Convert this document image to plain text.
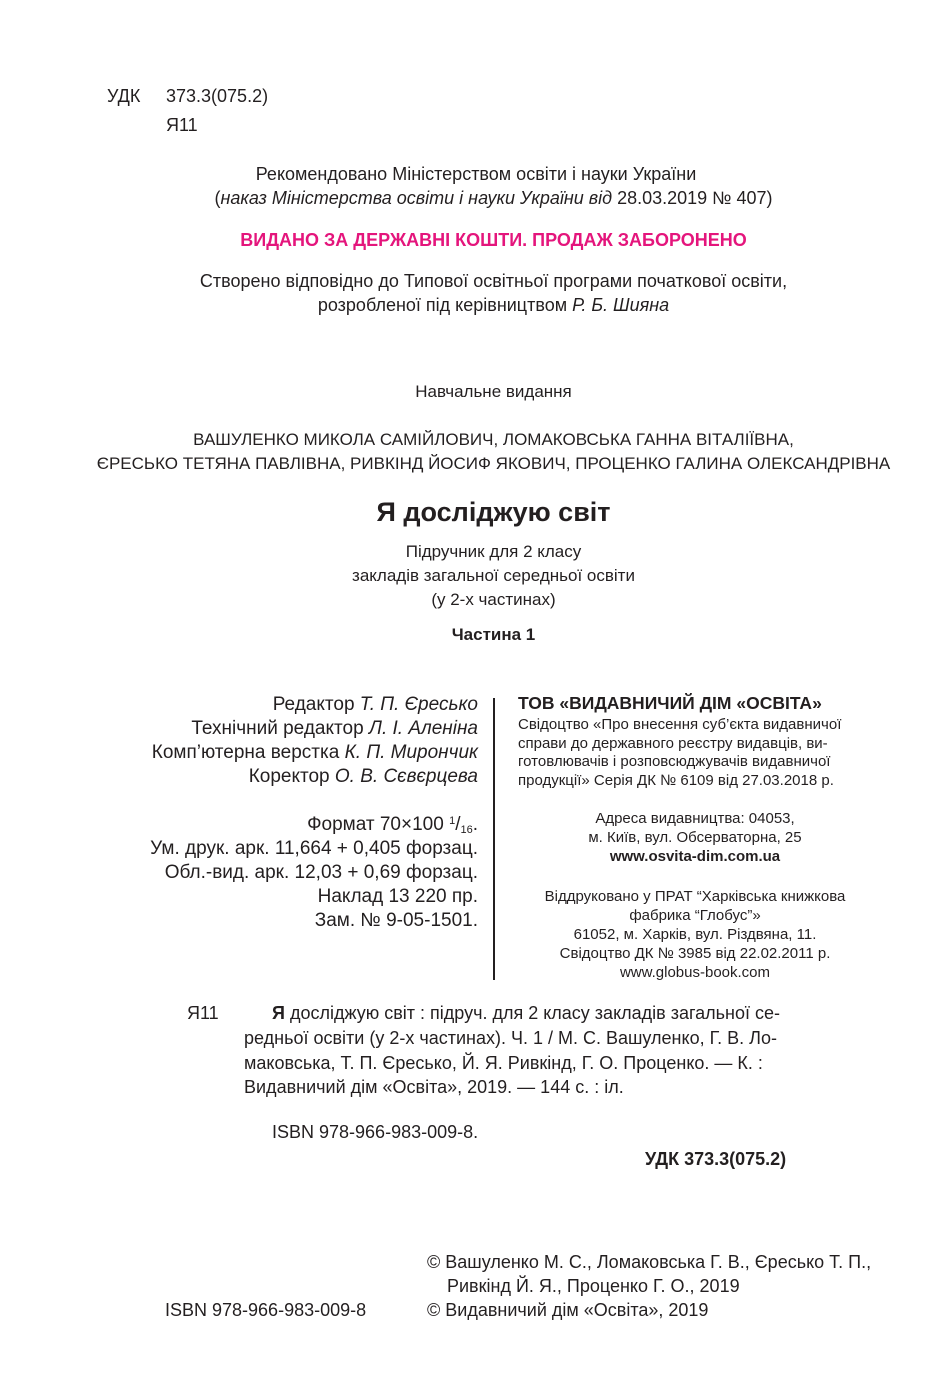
УДК 373.3(075.2)
Я11
Рекомендовано Міністерством освіти і науки України
(наказ Міністерства освіти і науки України від 28.03.2019 № 407)
ВИДАНО ЗА ДЕРЖАВНІ КОШТИ. ПРОДАЖ ЗАБОРОНЕНО
Створено відповідно до Типової освітньої програми початкової освіти,
розробленої під керівництвом Р. Б. Шияна
Навчальне видання
ВАШУЛЕНКО МИКОЛА САМІЙЛОВИЧ, ЛОМАКОВСЬКА ГАННА ВІТАЛІЇВНА,
ЄРЕСЬКО ТЕТЯНА ПАВЛІВНА, РИВКІНД ЙОСИФ ЯКОВИЧ, ПРОЦЕНКО ГАЛИНА ОЛЕКСАНДРІВНА
Я досліджую світ
Підручник для 2 класу
закладів загальної середньої освіти
(у 2-х частинах)
Частина 1
Редактор Т. П. Єресько
Технічний редактор Л. І. Аленіна
Комп’ютерна верстка К. П. Мирончик
Коректор О. В. Сєвєрцева
Формат 70×100 $^1/_{16}$.
Ум. друк. арк. 11,664 + 0,405 форзац.
Обл.-вид. арк. 12,03 + 0,69 форзац.
Наклад 13 220 пр.
Зам. № 9-05-1501.
ТОВ «ВИДАВНИЧИЙ ДІМ «ОСВІТА»
Свідоцтво «Про внесення суб’єкта видавничої
справи до державного реєстру видавців, ви-
готовлювачів і розповсюджувачів видавничої
продукції» Серія ДК № 6109 від 27.03.2018 р.
Адреса видавництва: 04053,
м. Київ, вул. Обсерваторна, 25
www.osvita-dim.com.ua
Віддруковано у ПРАТ “Харківська книжкова
фабрика “Глобус”»
61052, м. Харків, вул. Різдвяна, 11.
Свідоцтво ДК № 3985 від 22.02.2011 р.
www.globus-book.com
Я11	Я досліджую світ : підруч. для 2 класу закладів загальної се-
редньої освіти (у 2-х частинах). Ч. 1 / М. С. Вашуленко, Г. В. Ло-
маковська, Т. П. Єресько, Й. Я. Ривкінд, Г. О. Проценко. — К. :
Видавничий дім «Освіта», 2019. — 144 с. : іл.
ISBN 978-966-983-009-8.
УДК 373.3(075.2)
© Вашуленко М. С., Ломаковська Г. В., Єресько Т. П.,
Ривкінд Й. Я., Проценко Г. О., 2019
ISBN 978-966-983-009-8	© Видавничий дім «Освіта», 2019
